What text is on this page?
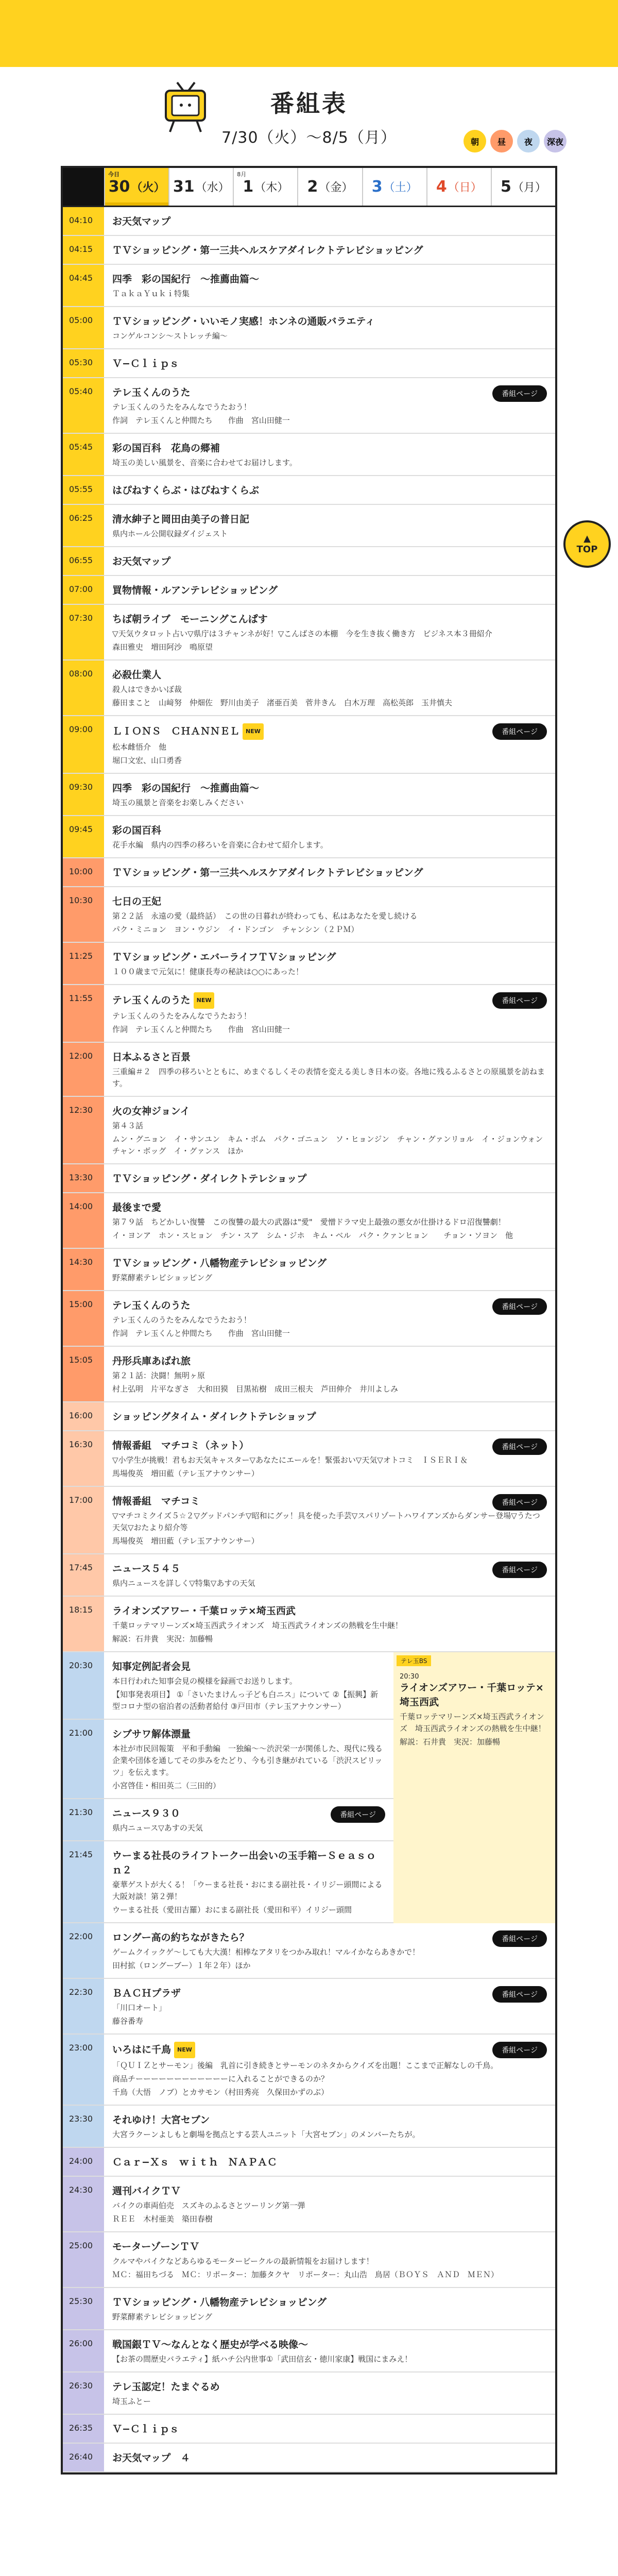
番組表
7/30（火）〜8/5（月）	朝	昼	夜	深夜
今日
30 （火） 31 （水）
8月
1 （木） 2 （金） 3 （土） 4 （日） 5 （月）
04:10	お天気マップ
04:15	ＴＶショッピング・第一三共ヘルスケアダイレクトテレビショッピング
04:45	四季　彩の国紀行　〜推薦曲篇〜
ＴａｋａＹｕｋｉ特集
05:00	ＴＶショッピング・いいモノ実感！ホンネの通販バラエティ
コンゲルコンシ〜ストレッチ編〜
05:30	Ｖ−Ｃｌｉｐｓ
05:40	テレ玉くんのうた
テレ玉くんのうたをみんなでうたおう！
作詞　テレ玉くんと仲間たち　　作曲　宮山田健一
番組ページ
05:45	彩の国百科　花鳥の郷補
埼玉の美しい風景を、音楽に合わせてお届けします。
05:55	はぴねすくらぶ・はぴねすくらぶ
06:25	清水紳子と岡田由美子の普日記
県内ホール公開収録ダイジェスト
06:55	お天気マップ
07:00	買物情報・ルアンテレビショッピング
07:30	ちば朝ライブ　モーニングこんぱす
▽天気ウタロット占い▽県庁は３チャンネが好！▽こんばさの本棚　今を生き抜く働き方　ビジネス本３冊紹介
森田雅史　増田阿沙　鳴原望
08:00	必殺仕業人
殺人はできかいぼ裁
藤田まこと　山﨑努　仲畑佐　野川由美子　渚亜百美　菅井きん　白木万理　高松英郎　玉井慎夫
09:00	ＬＩＯＮＳ　ＣＨＡＮＮＥＬ NEW
松本雌悟介　他
堀口文宏、山口勇香
番組ページ
09:30	四季　彩の国紀行　〜推薦曲篇〜
埼玉の風景と音楽をお楽しみください
09:45	彩の国百科
花手水編　県内の四季の移ろいを音楽に合わせて紹介します。
10:00	ＴＶショッピング・第一三共ヘルスケアダイレクトテレビショッピング
10:30	七日の王妃
第２２話　永遠の愛（最終話）　この世の日暮れが終わっても、私はあなたを愛し続ける
パク・ミニョン　ヨン・ウジン　イ・ドンゴン　チャンシン（２ＰＭ）
11:25	ＴＶショッピング・エバーライフＴＶショッピング
１００歳まで元気に！健康長寿の秘訣は○○にあった！
11:55	テレ玉くんのうた NEW
テレ玉くんのうたをみんなでうたおう！
作詞　テレ玉くんと仲間たち　　作曲　宮山田健一
番組ページ
12:00	日本ふるさと百景
三重編＃２　四季の移ろいとともに、めまぐるしくその表情を変える美しき日本の姿。各地に残るふるさとの原風景を訪ねます。
12:30	火の女神ジョンイ
第４３話
ムン・グニョン　イ・サンユン　キム・ボム　パク・ゴニュン　ソ・ヒョンジン　チャン・グァンリョル　イ・ジョンウォン　チャン・ボッグ　イ・グァンス　ほか
13:30	ＴＶショッピング・ダイレクトテレショップ
14:00	最後まで愛
第７９話　ちどかしい復讐　この復讐の最大の武器は"愛"　愛憎ドラマ史上最強の悪女が仕掛けるドロ沼復讐劇！
イ・ヨンア　ホン・スヒョン　チン・スア　シム・ジホ　キム・ベル　パク・クァンヒョン　　チョン・ソヨン　他
14:30	ＴＶショッピング・八幡物産テレビショッピング
野菜酵素テレビショッピング
15:00	テレ玉くんのうた
テレ玉くんのうたをみんなでうたおう！
作詞　テレ玉くんと仲間たち　　作曲　宮山田健一
番組ページ
15:05	丹形兵庫あばれ旅
第２１話：決闘！無明ヶ原
村上弘明　片平なぎさ　大和田獏　目黒祐樹　成田三根夫　芦田伸介　井川よしみ
16:00	ショッピングタイム・ダイレクトテレショップ
16:30	情報番組　マチコミ（ネット）
▽小学生が挑戦！君もお天気キャスター▽あなたにエールを！緊張おい▽天気▽オトコミ　ＩＳＥＲＩ＆
馬場俊英　増田藍（テレ玉アナウンサー）
番組ページ
17:00	情報番組　マチコミ
▽マチコミクイズ５☆２▽グッドパンチ▽昭和にグッ！具を使った手芸▽スパリゾートハワイアンズからダンサー登場▽うたつ天気▽おたより紹介等
馬場俊英　増田藍（テレ玉アナウンサー）
番組ページ
17:45	ニュース５４５
県内ニュースを詳しく▽特集▽あすの天気
番組ページ
18:15	ライオンズアワー・千葉ロッテ×埼玉西武
千葉ロッテマリーンズ×埼玉西武ライオンズ　埼玉西武ライオンズの熱戦を生中継！
解説：石井貴　実況：加藤暢
20:30	知事定例記者会見
本日行われた知事会見の模様を録画でお送りします。
【知事発表項目】 ①「さいたまけんっ子ども白ニス」について ②【振興】新型コロナ型の宿泊者の活動者給付 ③戸田市（テレ玉アナウンサー）
21:00	シブサワ解体漂量
本社が市民回報策　平和手動編　一独編〜〜渋沢栄一が関係した、現代に残る企業や団体を通してその歩みをたどり、今も引き継がれている「渋沢スピリッツ」を伝えます。
小宮啓佳・相田英二（三田的）
21:30	ニュース９３０
県内ニュース▽あすの天気
番組ページ
21:45	ウーまる社長のライフトークー出会いの玉手箱ーＳｅａｓｏｎ２
豪華ゲストが大くる！「ウーまる社長・おにまる副社長・イリジー頭間による大阪対談！第２弾！
ウーまる社長（愛田吉羅）おにまる副社長（愛田和平）イリジー頭間
22:00	ロングー高の約ちながきたら？
ゲームクイックゲ〜しても大大漢！相棒なアタリをつかみ取れ！マルイかならあきかで！
田村拡（ロングーブー）１年２年）ほか
番組ページ
22:30	ＢＡＣＨプラザ
「川口オート」
藤谷番寿
番組ページ
23:00	いろはに千鳥 NEW
「ＱＵＩＺとサーモン」後編　乳首に引き続きとサーモンのネタからクイズを出題！ここまで正解なしの千鳥。
商品チーーーーーーーーーーーーに入れることができるのか？
千鳥（大悟　ノブ）とカサモン（村田秀亮　久保田かずのぶ）
番組ページ
23:30	それゆけ！大宮セブン
大宮ラクーンよしもと劇場を拠点とする芸人ユニット「大宮セブン」のメンバーたちが。
24:00	Ｃａｒ−Ｘｓ　ｗｉｔｈ　ＮＡＰＡＣ
24:30	週刊バイクＴＶ
バイクの車両伯売　スズキのふるさとツーリング第一弾
ＲＥＥ　木村亜美　築田春樹
25:00	モーターゾーンＴＶ
クルマやバイクなどあらゆるモータービークルの最新情報をお届けします！
ＭＣ：福田ちづる　ＭＣ：リポーター：加藤タクヤ　リポーター：丸山浩　鳥居（ＢＯＹＳ　ＡＮＤ　ＭＥＮ）
25:30	ＴＶショッピング・八幡物産テレビショッピング
野菜酵素テレビショッピング
26:00	戦国銀ＴＶ〜なんとなく歴史が学べる映像〜
【お茶の間歴史バラエティ】紙ハチ公内世事①「武田信玄・徳川家康】戦国にまみえ！
26:30	テレ玉認定！たまぐるめ
埼玉ふとー
26:35	Ｖ−Ｃｌｉｐｓ
26:40	お天気マップ　４
テレ玉BS
20:30
ライオンズアワー・千葉ロッテ×埼玉西武
千葉ロッテマリーンズ×埼玉西武ライオンズ　埼玉西武ライオンズの熱戦を生中継！
解説：石井貴　実況：加藤暢
▲
TOP
